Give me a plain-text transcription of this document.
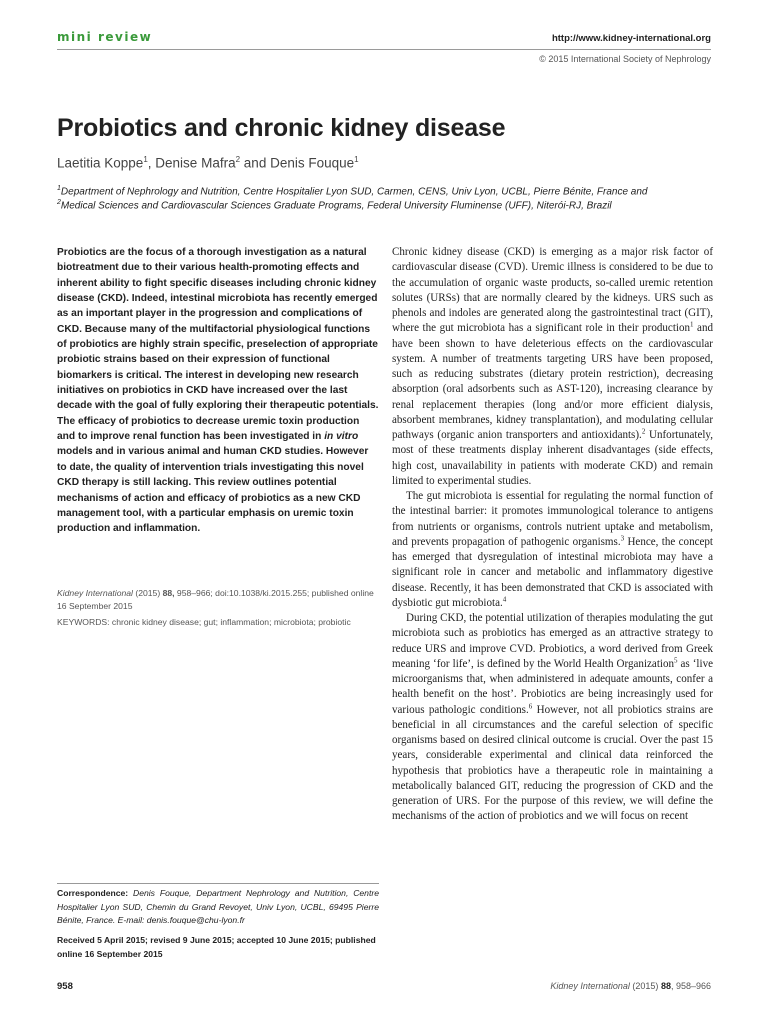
mini review	http://www.kidney-international.org
© 2015 International Society of Nephrology
Probiotics and chronic kidney disease
Laetitia Koppe$^1$, Denise Mafra$^2$ and Denis Fouque$^1$
$^1$Department of Nephrology and Nutrition, Centre Hospitalier Lyon SUD, Carmen, CENS, Univ Lyon, UCBL, Pierre Bénite, France and
$^2$Medical Sciences and Cardiovascular Sciences Graduate Programs, Federal University Fluminense (UFF), Niterói-RJ, Brazil
Probiotics are the focus of a thorough investigation as a natural biotreatment due to their various health-promoting effects and inherent ability to fight specific diseases including chronic kidney disease (CKD). Indeed, intestinal microbiota has recently emerged as an important player in the progression and complications of CKD. Because many of the multifactorial physiological functions of probiotics are highly strain specific, preselection of appropriate probiotic strains based on their expression of functional biomarkers is critical. The interest in developing new research initiatives on probiotics in CKD have increased over the last decade with the goal of fully exploring their therapeutic potentials. The efficacy of probiotics to decrease uremic toxin production and to improve renal function has been investigated in in vitro models and in various animal and human CKD studies. However to date, the quality of intervention trials investigating this novel CKD therapy is still lacking. This review outlines potential mechanisms of action and efficacy of probiotics as a new CKD management tool, with a particular emphasis on uremic toxin production and inflammation.
Kidney International (2015) 88, 958–966; doi:10.1038/ki.2015.255; published online 16 September 2015
KEYWORDS: chronic kidney disease; gut; inflammation; microbiota; probiotic
Correspondence: Denis Fouque, Department Nephrology and Nutrition, Centre Hospitalier Lyon SUD, Chemin du Grand Revoyet, Univ Lyon, UCBL, 69495 Pierre Bénite, France. E-mail: denis.fouque@chu-lyon.fr
Received 5 April 2015; revised 9 June 2015; accepted 10 June 2015; published online 16 September 2015

Chronic kidney disease (CKD) is emerging as a major risk factor of cardiovascular disease (CVD). Uremic illness is considered to be due to the accumulation of organic waste products, so-called uremic retention solutes (URSs) that are normally cleared by the kidneys. URS such as phenols and indoles are generated along the gastrointestinal tract (GIT), where the gut microbiota has a significant role in their production$^1$ and have been shown to have deleterious effects on the cardiovascular system. A number of treatments targeting URS have been proposed, such as reducing substrates (dietary protein restriction), decreasing absorption (oral adsorbents such as AST-120), increasing clearance by renal replacement therapies (long and/or more efficient dialysis, absorbent membranes, kidney transplantation), and modulating cellular pathways (organic anion transporters and antioxidants).$^2$ Unfortunately, most of these treatments display inherent disadvantages (side effects, high cost, unavailability in patients with moderate CKD) and remain limited to experimental studies.

The gut microbiota is essential for regulating the normal function of the intestinal barrier: it promotes immunological tolerance to antigens from nutrients or organisms, controls nutrient uptake and metabolism, and prevents propagation of pathogenic organisms.$^3$ Hence, the concept has emerged that dysregulation of intestinal microbiota may have a significant role in cancer and metabolic and inflammatory digestive disease. Recently, it has been demonstrated that CKD is associated with dysbiotic gut microbiota.$^4$

During CKD, the potential utilization of therapies modulating the gut microbiota such as probiotics has emerged as an attractive strategy to reduce URS and improve CVD. Probiotics, a word derived from Greek meaning ‘for life’, is defined by the World Health Organization$^5$ as ‘live microorganisms that, when administered in adequate amounts, confer a health benefit on the host’. Probiotics are being increasingly used for various pathologic conditions.$^6$ However, not all probiotics strains are beneficial in all circumstances and the careful selection of specific organisms based on desired clinical outcome is crucial. Over the past 15 years, considerable experimental and clinical data reinforced the hypothesis that probiotics have a therapeutic role in maintaining a metabolically balanced GIT, reducing the progression of CKD and the generation of URS. For the purpose of this review, we will define the mechanisms of the action of probiotics and we will focus on recent

958	Kidney International (2015) 88, 958–966
